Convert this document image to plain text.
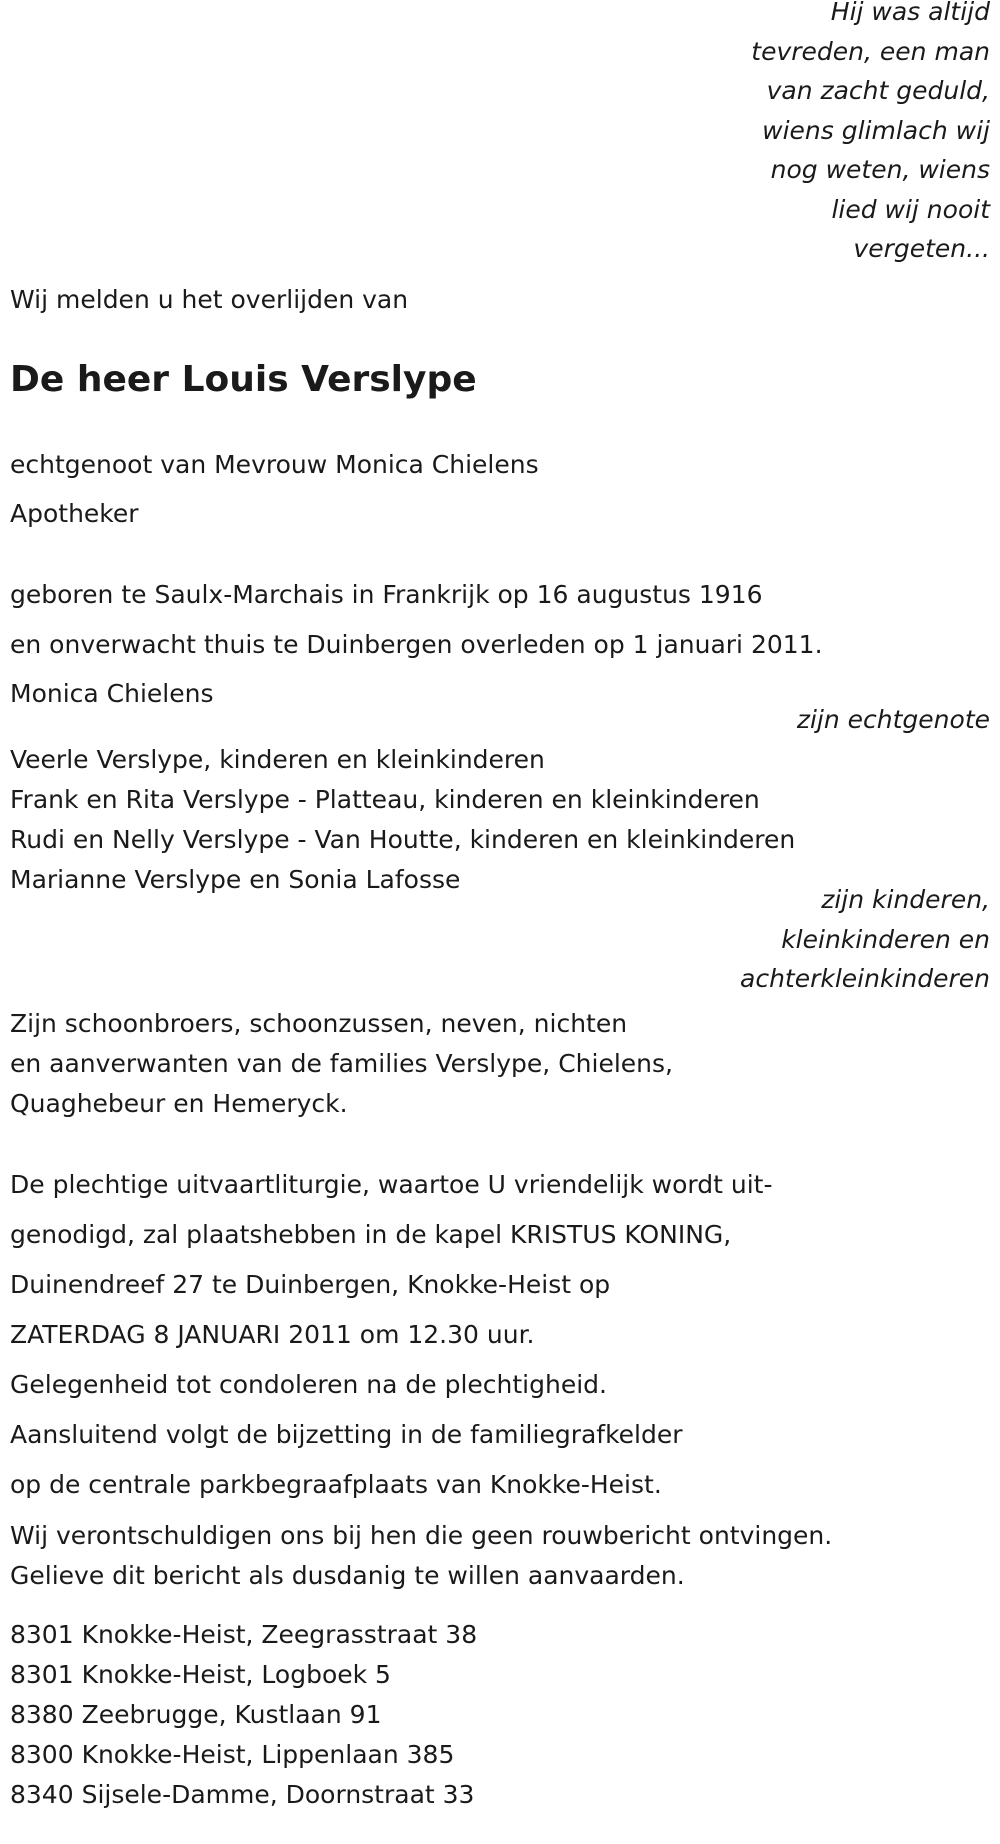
Hij was altijd
tevreden, een man
van zacht geduld,
wiens glimlach wij
nog weten, wiens
lied wij nooit
vergeten...
Wij melden u het overlijden van
De heer Louis Verslype
echtgenoot van Mevrouw Monica Chielens
Apotheker
geboren te Saulx-Marchais in Frankrijk op 16 augustus 1916
en onverwacht thuis te Duinbergen overleden op 1 januari 2011.
Monica Chielens
zijn echtgenote
Veerle Verslype, kinderen en kleinkinderen
Frank en Rita Verslype - Platteau, kinderen en kleinkinderen
Rudi en Nelly Verslype - Van Houtte, kinderen en kleinkinderen
Marianne Verslype en Sonia Lafosse
zijn kinderen,
kleinkinderen en
achterkleinkinderen
Zijn schoonbroers, schoonzussen, neven, nichten
en aanverwanten van de families Verslype, Chielens,
Quaghebeur en Hemeryck.
De plechtige uitvaartliturgie, waartoe U vriendelijk wordt uit-
genodigd, zal plaatshebben in de kapel KRISTUS KONING,
Duinendreef 27 te Duinbergen, Knokke-Heist op
ZATERDAG 8 JANUARI 2011 om 12.30 uur.
Gelegenheid tot condoleren na de plechtigheid.
Aansluitend volgt de bijzetting in de familiegrafkelder
op de centrale parkbegraafplaats van Knokke-Heist.
Wij verontschuldigen ons bij hen die geen rouwbericht ontvingen.
Gelieve dit bericht als dusdanig te willen aanvaarden.
8301 Knokke-Heist, Zeegrasstraat 38
8301 Knokke-Heist, Logboek 5
8380 Zeebrugge, Kustlaan 91
8300 Knokke-Heist, Lippenlaan 385
8340 Sijsele-Damme, Doornstraat 33
